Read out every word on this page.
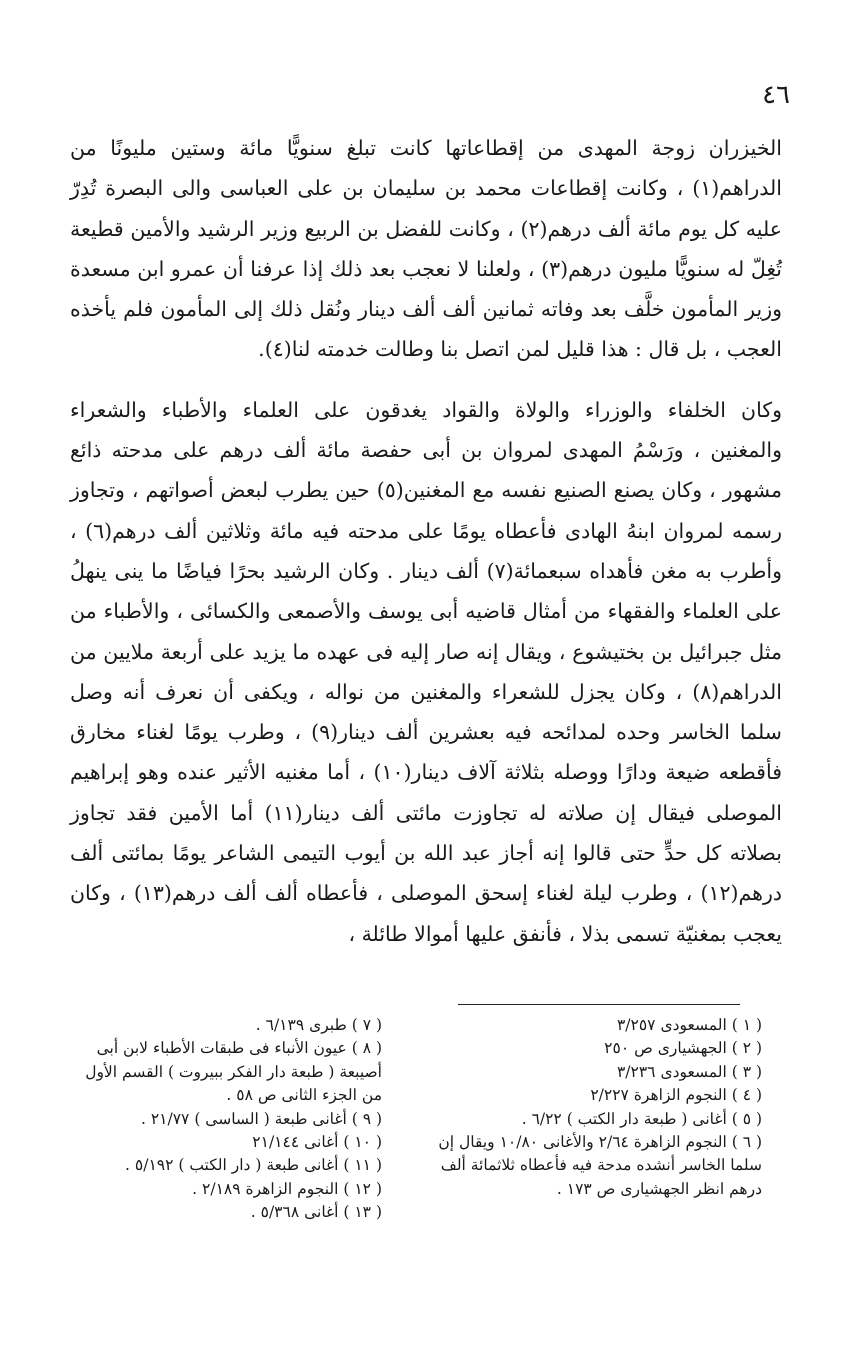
٤٦

الخيزران زوجة المهدى من إقطاعاتها كانت تبلغ سنويًّا مائة وستين مليونًا من الدراهم(١) ، وكانت إقطاعات محمد بن سليمان بن على العباسى والى البصرة تُدِرّ عليه كل يوم مائة ألف درهم(٢) ، وكانت للفضل بن الربيع وزير الرشيد والأمين قطيعة تُغِلّ له سنويًّا مليون درهم(٣) ، ولعلنا لا نعجب بعد ذلك إذا عرفنا أن عمرو ابن مسعدة وزير المأمون خلَّف بعد وفاته ثمانين ألف ألف دينار ونُقل ذلك إلى المأمون فلم يأخذه العجب ، بل قال : هذا قليل لمن اتصل بنا وطالت خدمته لنا(٤).

وكان الخلفاء والوزراء والولاة والقواد يغدقون على العلماء والأطباء والشعراء والمغنين ، ورَسْمُ المهدى لمروان بن أبى حفصة مائة ألف درهم على مدحته ذائع مشهور ، وكان يصنع الصنيع نفسه مع المغنين(٥) حين يطرب لبعض أصواتهم ، وتجاوز رسمه لمروان ابنهُ الهادى فأعطاه يومًا على مدحته فيه مائة وثلاثين ألف درهم(٦) ، وأطرب به مغن فأهداه سبعمائة(٧) ألف دينار . وكان الرشيد بحرًا فياضًا ما ينى ينهلُ على العلماء والفقهاء من أمثال قاضيه أبى يوسف والأصمعى والكسائى ، والأطباء من مثل جبرائيل بن بختيشوع ، ويقال إنه صار إليه فى عهده ما يزيد على أربعة ملايين من الدراهم(٨) ، وكان يجزل للشعراء والمغنين من نواله ، ويكفى أن نعرف أنه وصل سلما الخاسر وحده لمدائحه فيه بعشرين ألف دينار(٩) ، وطرب يومًا لغناء مخارق فأقطعه ضيعة ودارًا ووصله بثلاثة آلاف دينار(١٠) ، أما مغنيه الأثير عنده وهو إبراهيم الموصلى فيقال إن صلاته له تجاوزت مائتى ألف دينار(١١) أما الأمين فقد تجاوز بصلاته كل حدٍّ حتى قالوا إنه أجاز عبد الله بن أيوب التيمى الشاعر يومًا بمائتى ألف درهم(١٢) ، وطرب ليلة لغناء إسحق الموصلى ، فأعطاه ألف ألف درهم(١٣) ، وكان يعجب بمغنيّة تسمى بذلا ، فأنفق عليها أموالا طائلة ،

( ١ ) المسعودى ٣/٢٥٧

( ٢ ) الجهشيارى ص ٢٥٠

( ٣ ) المسعودى ٣/٢٣٦

( ٤ ) النجوم الزاهرة ٢/٢٢٧

( ٥ ) أغانى ( طبعة دار الكتب ) ٦/٢٢ .

( ٦ ) النجوم الزاهرة ٢/٦٤ والأغانى ١٠/٨٠ ويقال إن سلما الخاسر أنشده مدحة فيه فأعطاه ثلاثمائة ألف درهم انظر الجهشيارى ص ١٧٣ .

( ٧ ) طبرى ٦/١٣٩ .

( ٨ ) عيون الأنباء فى طبقات الأطباء لابن أبى أصيبعة ( طبعة دار الفكر ببيروت ) القسم الأول من الجزء الثانى ص ٥٨ .

( ٩ ) أغانى طبعة ( الساسى ) ٢١/٧٧ .

( ١٠ ) أغانى ٢١/١٤٤

( ١١ ) أغانى طبعة ( دار الكتب ) ٥/١٩٢ .

( ١٢ ) النجوم الزاهرة ٢/١٨٩ .

( ١٣ ) أغانى ٥/٣٦٨ .
